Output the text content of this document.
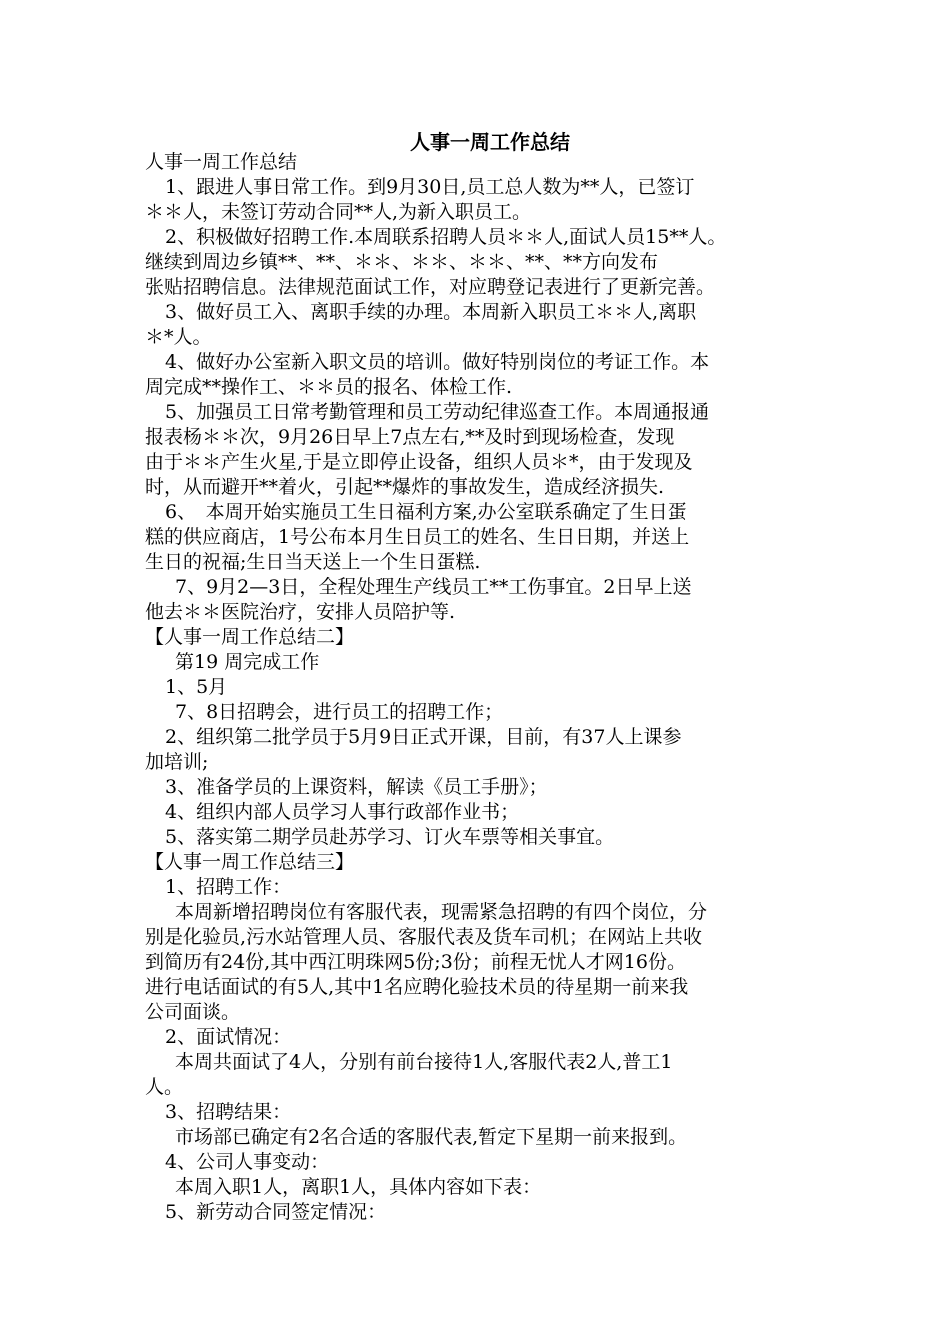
人事一周工作总结
人事一周工作总结
1、跟进人事日常工作。到9月30日,员工总人数为**人，已签订
＊＊人，未签订劳动合同**人,为新入职员工。
2、积极做好招聘工作.本周联系招聘人员＊＊人,面试人员15**人。
继续到周边乡镇**、**、＊＊、＊＊、＊＊、**、**方向发布
张贴招聘信息。法律规范面试工作，对应聘登记表进行了更新完善。
3、做好员工入、离职手续的办理。本周新入职员工＊＊人,离职
＊*人。
4、做好办公室新入职文员的培训。做好特别岗位的考证工作。本
周完成**操作工、＊＊员的报名、体检工作.
5、加强员工日常考勤管理和员工劳动纪律巡查工作。本周通报通
报表杨＊＊次，9月26日早上7点左右,**及时到现场检查，发现
由于＊＊产生火星,于是立即停止设备，组织人员＊*，由于发现及
时，从而避开**着火，引起**爆炸的事故发生，造成经济损失.
6、　本周开始实施员工生日福利方案,办公室联系确定了生日蛋
糕的供应商店，1号公布本月生日员工的姓名、生日日期，并送上
生日的祝福;生日当天送上一个生日蛋糕.
7、9月2—3日，全程处理生产线员工**工伤事宜。2日早上送
他去＊＊医院治疗，安排人员陪护等.
【人事一周工作总结二】
第19 周完成工作
1、5月
7、8日招聘会，进行员工的招聘工作；
2、组织第二批学员于5月9日正式开课，目前，有37人上课参
加培训;
3、准备学员的上课资料，解读《员工手册》；
4、组织内部人员学习人事行政部作业书；
5、落实第二期学员赴苏学习、订火车票等相关事宜。
【人事一周工作总结三】
1、招聘工作：
本周新增招聘岗位有客服代表，现需紧急招聘的有四个岗位，分
别是化验员,污水站管理人员、客服代表及货车司机；在网站上共收
到简历有24份,其中西江明珠网5份;3份；前程无忧人才网16份。
进行电话面试的有5人,其中1名应聘化验技术员的待星期一前来我
公司面谈。
2、面试情况：
本周共面试了4人，分别有前台接待1人,客服代表2人,普工1
人。
3、招聘结果：
市场部已确定有2名合适的客服代表,暂定下星期一前来报到。
4、公司人事变动：
本周入职1人，离职1人，具体内容如下表：
5、新劳动合同签定情况：
